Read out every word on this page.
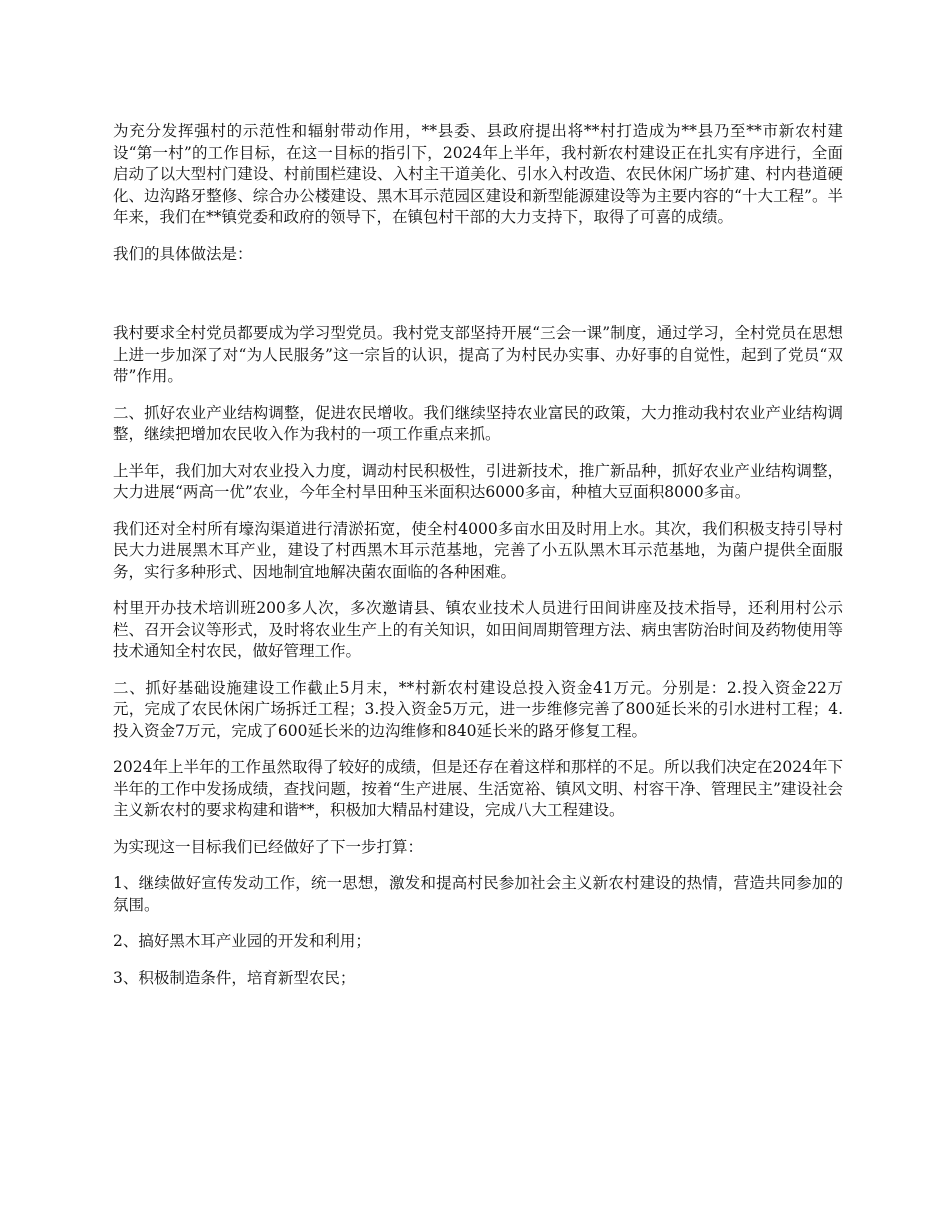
为充分发挥强村的示范性和辐射带动作用，**县委、县政府提出将**村打造成为**县乃至**市新农村建设“第一村”的工作目标，在这一目标的指引下，2024年上半年，我村新农村建设正在扎实有序进行，全面启动了以大型村门建设、村前围栏建设、入村主干道美化、引水入村改造、农民休闲广场扩建、村内巷道硬化、边沟路牙整修、综合办公楼建设、黑木耳示范园区建设和新型能源建设等为主要内容的“十大工程”。半年来，我们在**镇党委和政府的领导下，在镇包村干部的大力支持下，取得了可喜的成绩。

我们的具体做法是：

我村要求全村党员都要成为学习型党员。我村党支部坚持开展“三会一课”制度，通过学习，全村党员在思想上进一步加深了对“为人民服务”这一宗旨的认识，提高了为村民办实事、办好事的自觉性，起到了党员“双带”作用。

二、抓好农业产业结构调整，促进农民增收。我们继续坚持农业富民的政策，大力推动我村农业产业结构调整，继续把增加农民收入作为我村的一项工作重点来抓。

上半年，我们加大对农业投入力度，调动村民积极性，引进新技术，推广新品种，抓好农业产业结构调整，大力进展“两高一优”农业，今年全村旱田种玉米面积达6000多亩，种植大豆面积8000多亩。

我们还对全村所有壕沟渠道进行清淤拓宽，使全村4000多亩水田及时用上水。其次，我们积极支持引导村民大力进展黑木耳产业，建设了村西黑木耳示范基地，完善了小五队黑木耳示范基地，为菌户提供全面服务，实行多种形式、因地制宜地解决菌农面临的各种困难。

村里开办技术培训班200多人次，多次邀请县、镇农业技术人员进行田间讲座及技术指导，还利用村公示栏、召开会议等形式，及时将农业生产上的有关知识，如田间周期管理方法、病虫害防治时间及药物使用等技术通知全村农民，做好管理工作。

二、抓好基础设施建设工作截止5月末，**村新农村建设总投入资金41万元。分别是：2.投入资金22万元，完成了农民休闲广场拆迁工程；3.投入资金5万元，进一步维修完善了800延长米的引水进村工程；4.投入资金7万元，完成了600延长米的边沟维修和840延长米的路牙修复工程。

2024年上半年的工作虽然取得了较好的成绩，但是还存在着这样和那样的不足。所以我们决定在2024年下半年的工作中发扬成绩，查找问题，按着“生产进展、生活宽裕、镇风文明、村容干净、管理民主”建设社会主义新农村的要求构建和谐**，积极加大精品村建设，完成八大工程建设。

为实现这一目标我们已经做好了下一步打算：

1、继续做好宣传发动工作，统一思想，激发和提高村民参加社会主义新农村建设的热情，营造共同参加的氛围。

2、搞好黑木耳产业园的开发和利用；

3、积极制造条件，培育新型农民；
